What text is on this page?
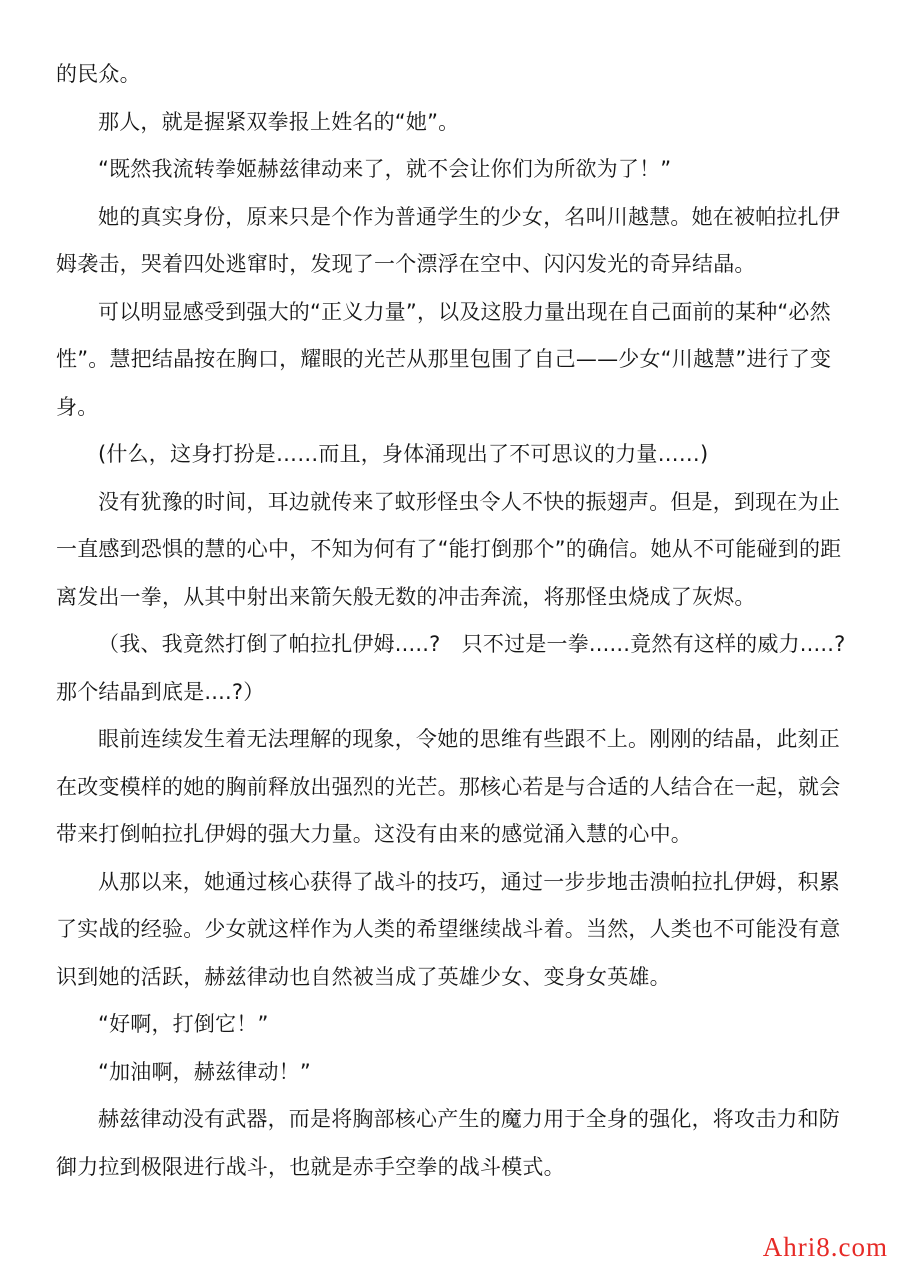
的民众。
那人，就是握紧双拳报上姓名的“她”。
“既然我流转拳姬赫兹律动来了，就不会让你们为所欲为了！”
她的真实身份，原来只是个作为普通学生的少女，名叫川越慧。她在被帕拉扎伊
姆袭击，哭着四处逃窜时，发现了一个漂浮在空中、闪闪发光的奇异结晶。
可以明显感受到强大的“正义力量”，以及这股力量出现在自己面前的某种“必然
性”。慧把结晶按在胸口，耀眼的光芒从那里包围了自己——少女“川越慧”进行了变
身。
(什么，这身打扮是……而且，身体涌现出了不可思议的力量……)
没有犹豫的时间，耳边就传来了蚊形怪虫令人不快的振翅声。但是，到现在为止
一直感到恐惧的慧的心中，不知为何有了“能打倒那个”的确信。她从不可能碰到的距
离发出一拳，从其中射出来箭矢般无数的冲击奔流，将那怪虫烧成了灰烬。
（我、我竟然打倒了帕拉扎伊姆.....?　只不过是一拳......竟然有这样的威力.....?
那个结晶到底是....?）
眼前连续发生着无法理解的现象，令她的思维有些跟不上。刚刚的结晶，此刻正
在改变模样的她的胸前释放出强烈的光芒。那核心若是与合适的人结合在一起，就会
带来打倒帕拉扎伊姆的强大力量。这没有由来的感觉涌入慧的心中。
从那以来，她通过核心获得了战斗的技巧，通过一步步地击溃帕拉扎伊姆，积累
了实战的经验。少女就这样作为人类的希望继续战斗着。当然，人类也不可能没有意
识到她的活跃，赫兹律动也自然被当成了英雄少女、变身女英雄。
“好啊，打倒它！”
“加油啊，赫兹律动！”
赫兹律动没有武器，而是将胸部核心产生的魔力用于全身的强化，将攻击力和防
御力拉到极限进行战斗，也就是赤手空拳的战斗模式。
Ahri8.com
